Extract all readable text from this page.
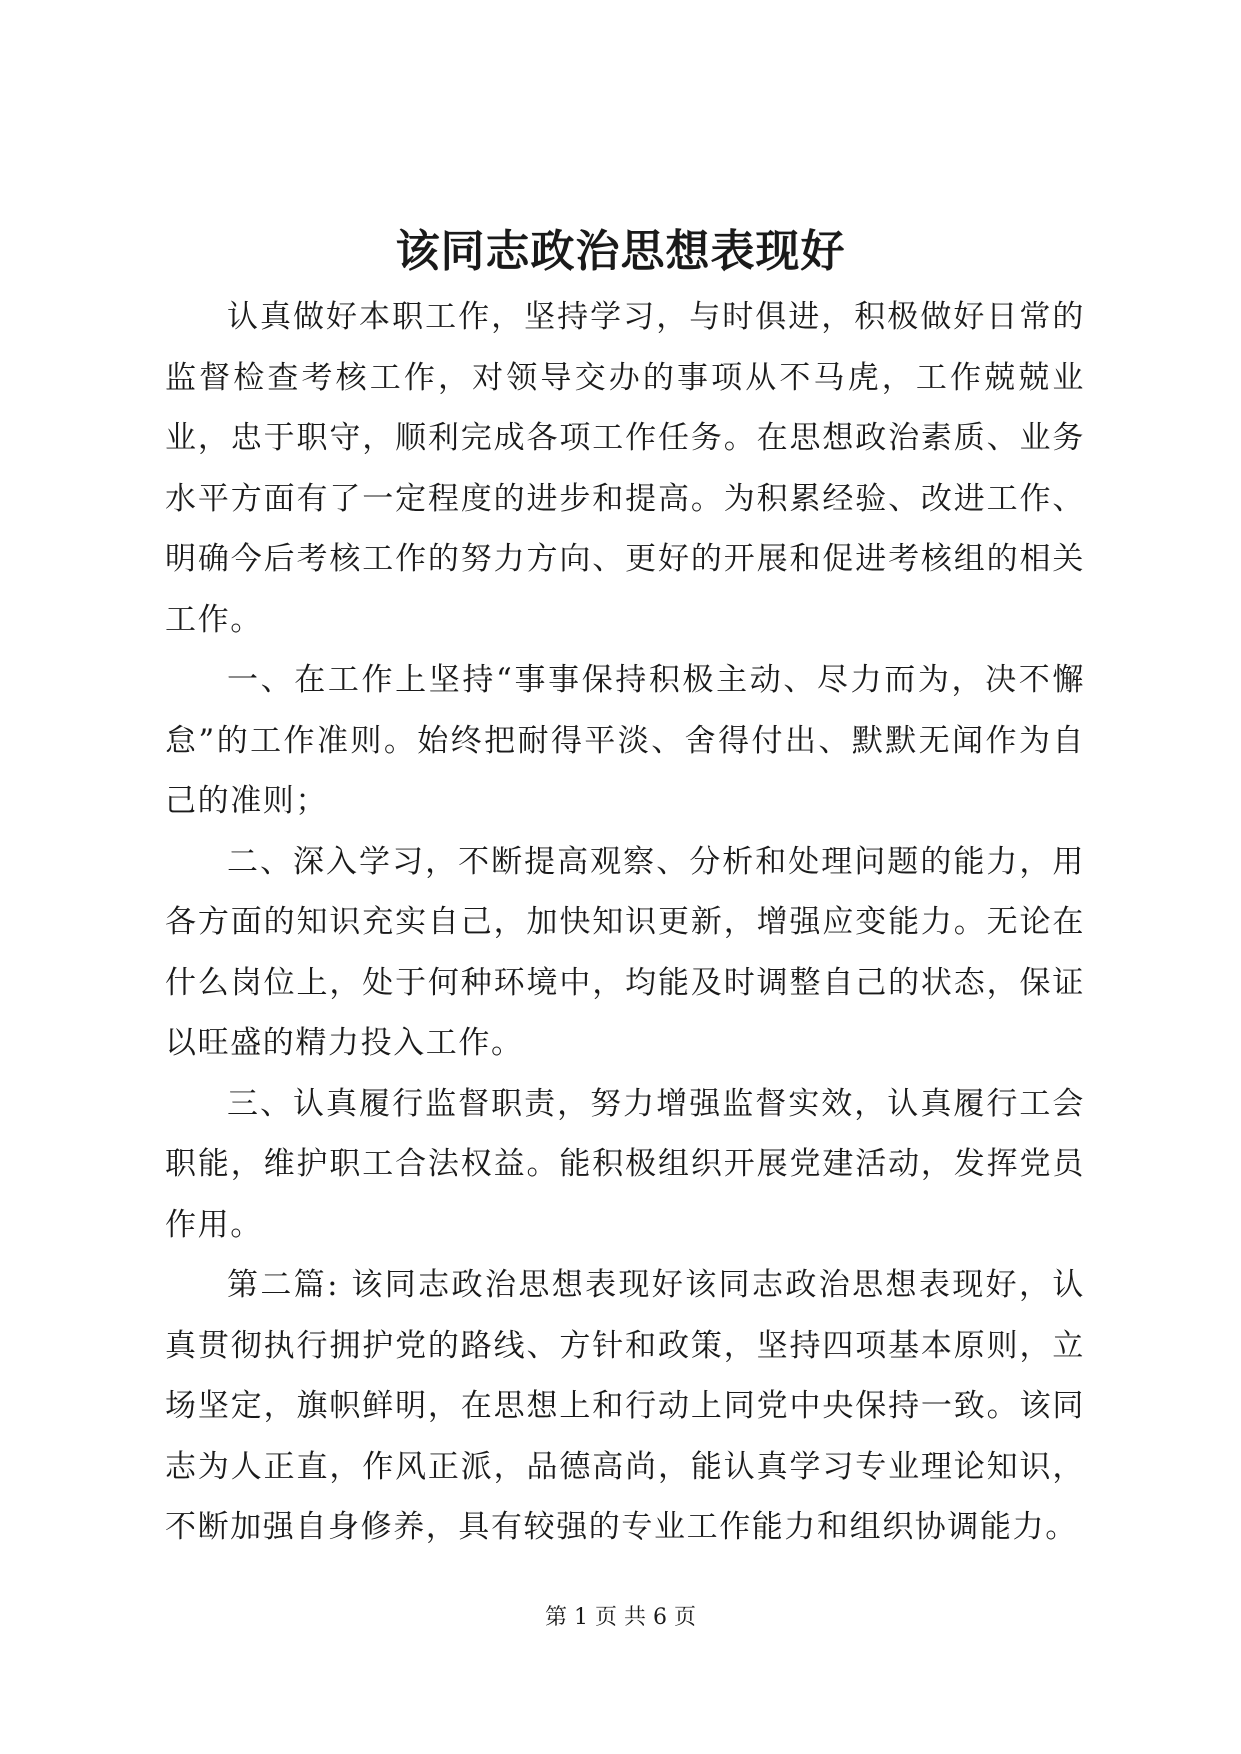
该同志政治思想表现好

认真做好本职工作，坚持学习，与时俱进，积极做好日常的监督检查考核工作，对领导交办的事项从不马虎，工作兢兢业业，忠于职守，顺利完成各项工作任务。在思想政治素质、业务水平方面有了一定程度的进步和提高。为积累经验、改进工作、明确今后考核工作的努力方向、更好的开展和促进考核组的相关工作。

一、在工作上坚持“事事保持积极主动、尽力而为，决不懈怠”的工作准则。始终把耐得平淡、舍得付出、默默无闻作为自己的准则；

二、深入学习，不断提高观察、分析和处理问题的能力，用各方面的知识充实自己，加快知识更新，增强应变能力。无论在什么岗位上，处于何种环境中，均能及时调整自己的状态，保证以旺盛的精力投入工作。

三、认真履行监督职责，努力增强监督实效，认真履行工会职能，维护职工合法权益。能积极组织开展党建活动，发挥党员作用。

第二篇: 该同志政治思想表现好该同志政治思想表现好，认真贯彻执行拥护党的路线、方针和政策，坚持四项基本原则，立场坚定，旗帜鲜明，在思想上和行动上同党中央保持一致。该同志为人正直，作风正派，品德高尚，能认真学习专业理论知识，不断加强自身修养，具有较强的专业工作能力和组织协调能力。

第 1 页 共 6 页
